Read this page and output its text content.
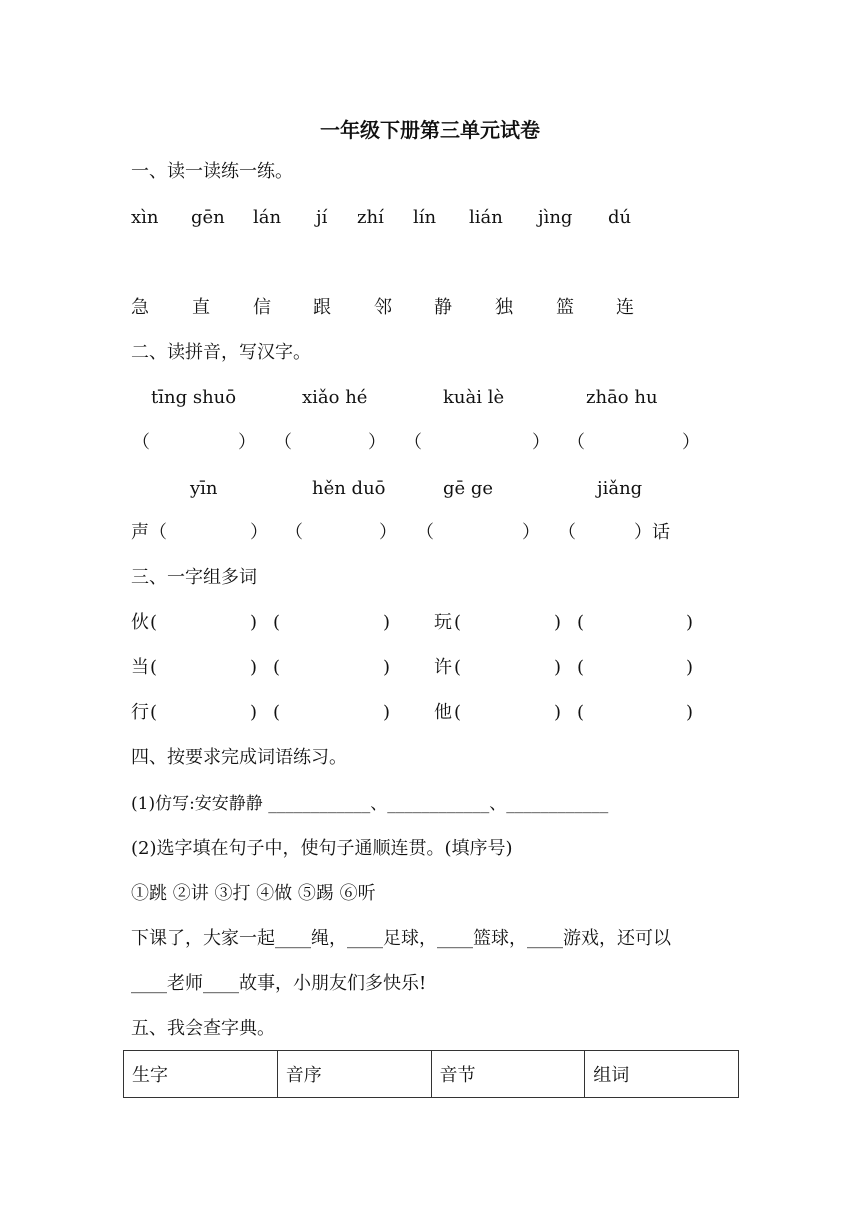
一年级下册第三单元试卷
一、读一读练一练。
xìn gēn lán jí zhí lín lián jìng dú
急 直 信 跟 邻 静 独 篮 连
二、读拼音，写汉字。
tīng shuō	xiǎo hé	kuài lè	zhāo hu
（	） （	） （	） （	）
yīn	hěn duō	gē ge	jiǎng
声（	） （	） （	） （	）话
三、一字组多词
伙 (	) (	) 玩 (	) (	)
当 (	) (	) 许 (	) (	)
行 (	) (	) 他 (	) (	)
四、按要求完成词语练习。
(1)仿写:安安静静 ____________、____________、____________
(2)选字填在句子中，使句子通顺连贯。(填序号)
①跳 ②讲 ③打 ④做 ⑤踢 ⑥听
下课了，大家一起____绳，____足球，____篮球，____游戏，还可以
____老师____故事，小朋友们多快乐!
五、我会查字典。
生字	音序	音节	组词
